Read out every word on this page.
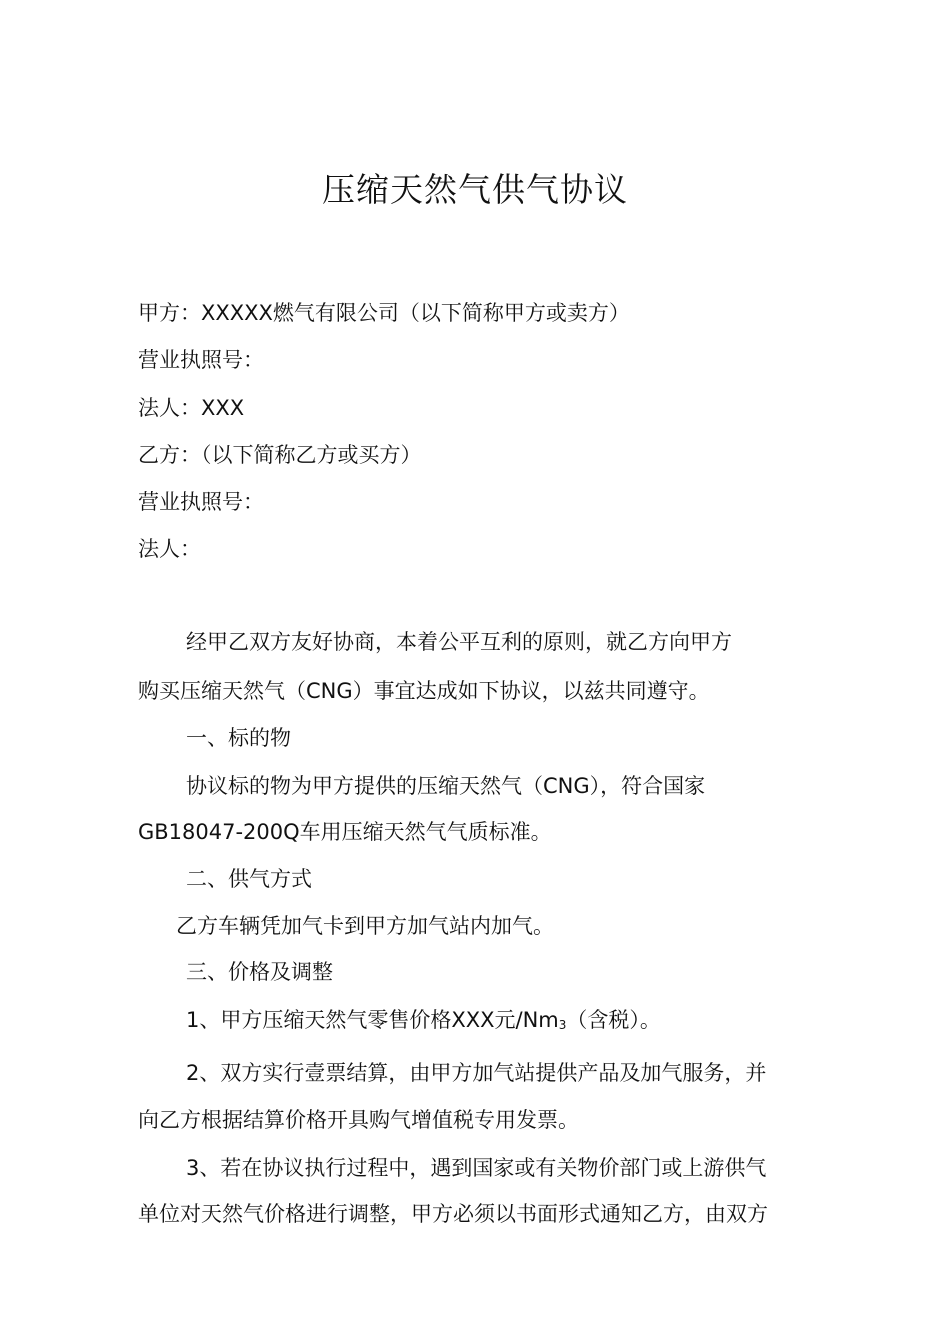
压缩天然气供气协议
甲方：XXXXX燃气有限公司（以下简称甲方或卖方）
营业执照号：
法人：XXX
乙方：（以下简称乙方或买方）
营业执照号：
法人：
经甲乙双方友好协商，本着公平互利的原则，就乙方向甲方
购买压缩天然气（CNG）事宜达成如下协议，以兹共同遵守。
一、标的物
协议标的物为甲方提供的压缩天然气（CNG），符合国家
GB18047-200Q车用压缩天然气气质标准。
二、供气方式
乙方车辆凭加气卡到甲方加气站内加气。
三、价格及调整
1、甲方压缩天然气零售价格XXX元/Nm$^3$（含税）。
2、双方实行壹票结算，由甲方加气站提供产品及加气服务，并
向乙方根据结算价格开具购气增值税专用发票。
3、若在协议执行过程中，遇到国家或有关物价部门或上游供气
单位对天然气价格进行调整，甲方必须以书面形式通知乙方，由双方
